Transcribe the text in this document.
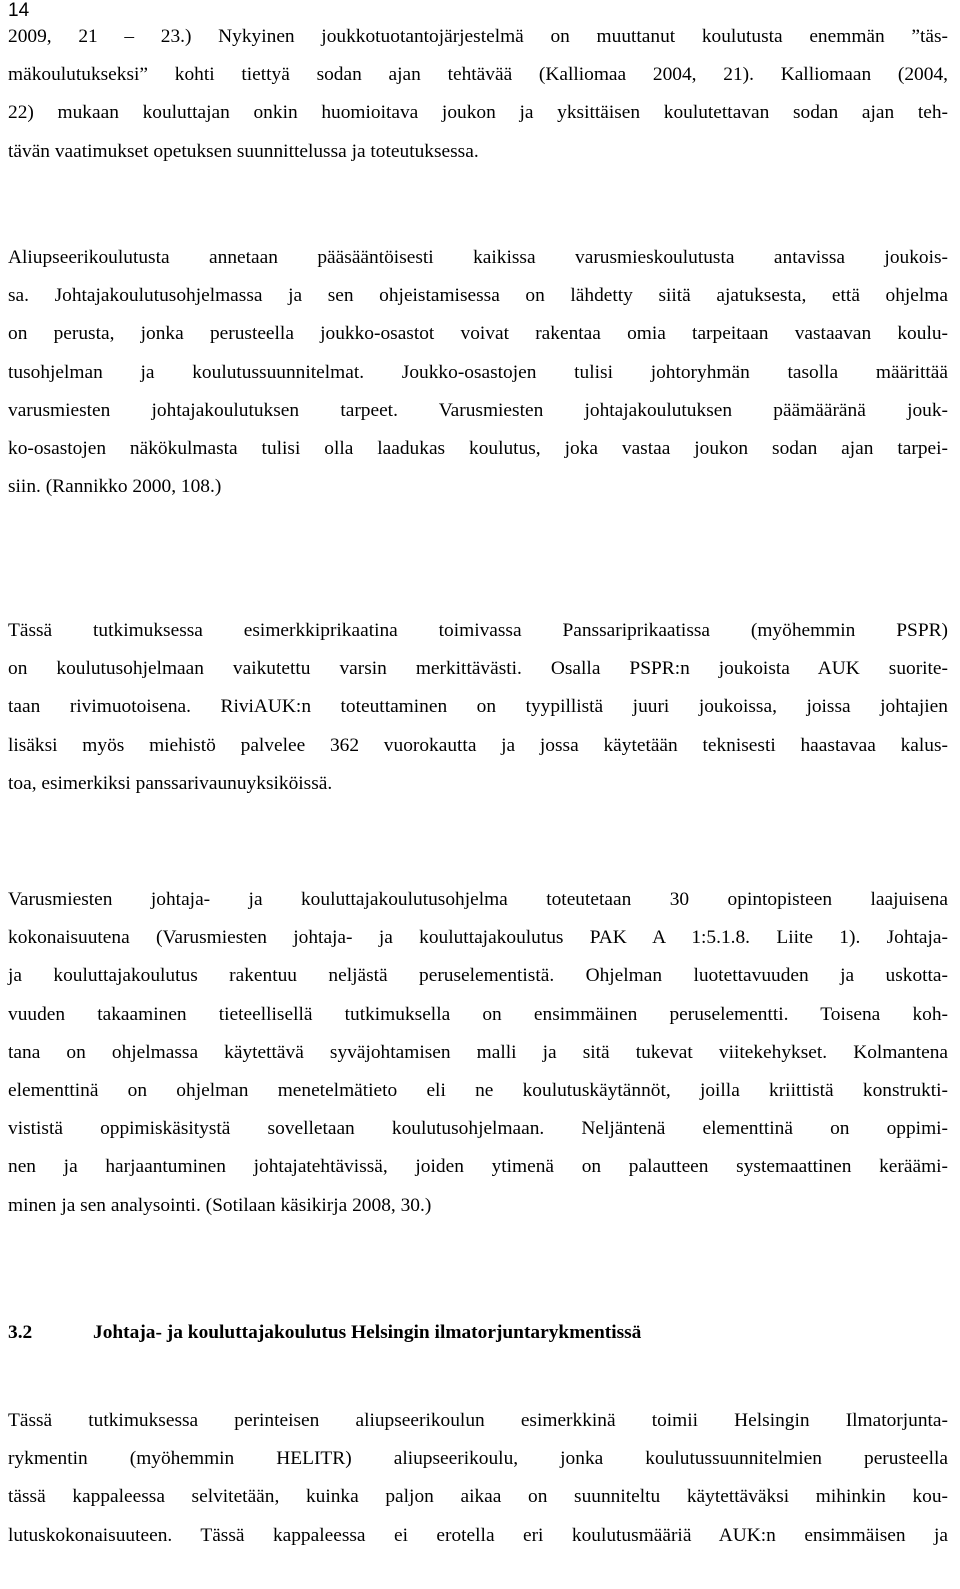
14
2009, 21 – 23.) Nykyinen joukkotuotantojärjestelmä on muuttanut koulutusta enemmän ”täs-
mäkoulutukseksi” kohti tiettyä sodan ajan tehtävää (Kalliomaa 2004, 21). Kalliomaan (2004,
22) mukaan kouluttajan onkin huomioitava joukon ja yksittäisen koulutettavan sodan ajan teh-
tävän vaatimukset opetuksen suunnittelussa ja toteutuksessa.
Aliupseerikoulutusta annetaan pääsääntöisesti kaikissa varusmieskoulutusta antavissa joukois-
sa. Johtajakoulutusohjelmassa ja sen ohjeistamisessa on lähdetty siitä ajatuksesta, että ohjelma
on perusta, jonka perusteella joukko-osastot voivat rakentaa omia tarpeitaan vastaavan koulu-
tusohjelman ja koulutussuunnitelmat. Joukko-osastojen tulisi johtoryhmän tasolla määrittää
varusmiesten johtajakoulutuksen tarpeet. Varusmiesten johtajakoulutuksen päämääränä jouk-
ko-osastojen näkökulmasta tulisi olla laadukas koulutus, joka vastaa joukon sodan ajan tarpei-
siin. (Rannikko 2000, 108.)
Tässä tutkimuksessa esimerkkiprikaatina toimivassa Panssariprikaatissa (myöhemmin PSPR)
on koulutusohjelmaan vaikutettu varsin merkittävästi. Osalla PSPR:n joukoista AUK suorite-
taan rivimuotoisena. RiviAUK:n toteuttaminen on tyypillistä juuri joukoissa, joissa johtajien
lisäksi myös miehistö palvelee 362 vuorokautta ja jossa käytetään teknisesti haastavaa kalus-
toa, esimerkiksi panssarivaunuyksiköissä.
Varusmiesten johtaja- ja kouluttajakoulutusohjelma toteutetaan 30 opintopisteen laajuisena
kokonaisuutena (Varusmiesten johtaja- ja kouluttajakoulutus PAK A 1:5.1.8. Liite 1). Johtaja-
ja kouluttajakoulutus rakentuu neljästä peruselementistä. Ohjelman luotettavuuden ja uskotta-
vuuden takaaminen tieteellisellä tutkimuksella on ensimmäinen peruselementti. Toisena koh-
tana on ohjelmassa käytettävä syväjohtamisen malli ja sitä tukevat viitekehykset. Kolmantena
elementtinä on ohjelman menetelmätieto eli ne koulutuskäytännöt, joilla kriittistä konstrukti-
vististä oppimiskäsitystä sovelletaan koulutusohjelmaan. Neljäntenä elementtinä on oppimi-
nen ja harjaantuminen johtajatehtävissä, joiden ytimenä on palautteen systemaattinen keräämi-
minen ja sen analysointi. (Sotilaan käsikirja 2008, 30.)
3.2	Johtaja- ja kouluttajakoulutus Helsingin ilmatorjuntarykmentissä
Tässä tutkimuksessa perinteisen aliupseerikoulun esimerkkinä toimii Helsingin Ilmatorjunta-
rykmentin (myöhemmin HELITR) aliupseerikoulu, jonka koulutussuunnitelmien perusteella
tässä kappaleessa selvitetään, kuinka paljon aikaa on suunniteltu käytettäväksi mihinkin kou-
lutuskokonaisuuteen. Tässä kappaleessa ei erotella eri koulutusmääriä AUK:n ensimmäisen ja
